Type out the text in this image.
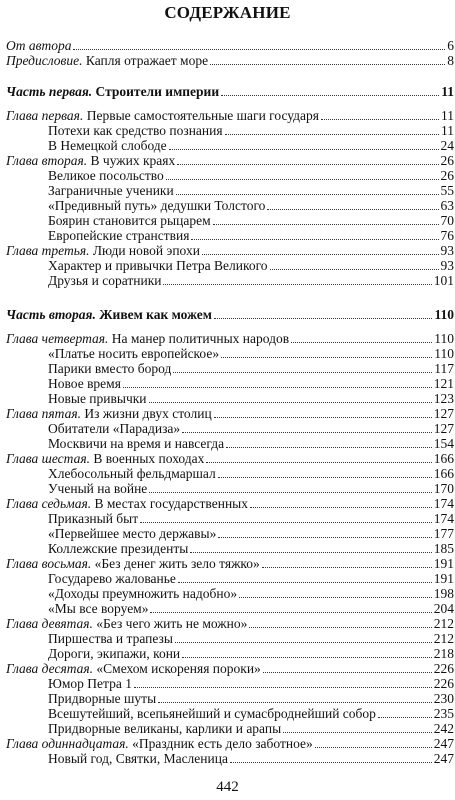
СОДЕРЖАНИЕ
От автора	6
Предисловие. Капля отражает море	8
Часть первая. Строители империи	11
Глава первая. Первые самостоятельные шаги государя	11
Потехи как средство познания	11
В Немецкой слободе	24
Глава вторая. В чужих краях	26
Великое посольство	26
Заграничные ученики	55
«Предивный путь» дедушки Толстого	63
Боярин становится рыцарем	70
Европейские странствия	76
Глава третья. Люди новой эпохи	93
Характер и привычки Петра Великого	93
Друзья и соратники	101
Часть вторая. Живем как можем	110
Глава четвертая. На манер политичных народов	110
«Платье носить европейское»	110
Парики вместо бород	117
Новое время	121
Новые привычки	123
Глава пятая. Из жизни двух столиц	127
Обитатели «Парадиза»	127
Москвичи на время и навсегда	154
Глава шестая. В военных походах	166
Хлебосольный фельдмаршал	166
Ученый на войне	170
Глава седьмая. В местах государственных	174
Приказный быт	174
«Первейшее место державы»	177
Коллежские президенты	185
Глава восьмая. «Без денег жить зело тяжко»	191
Государево жалованье	191
«Доходы преумножить надобно»	198
«Мы все воруем»	204
Глава девятая. «Без чего жить не можно»	212
Пиршества и трапезы	212
Дороги, экипажи, кони	218
Глава десятая. «Смехом искореняя пороки»	226
Юмор Петра 1	226
Придворные шуты	230
Всешутейший, всепьянейший и сумасброднейший собор	235
Придворные великаны, карлики и арапы	242
Глава одиннадцатая. «Праздник есть дело заботное»	247
Новый год, Святки, Масленица	247
442
